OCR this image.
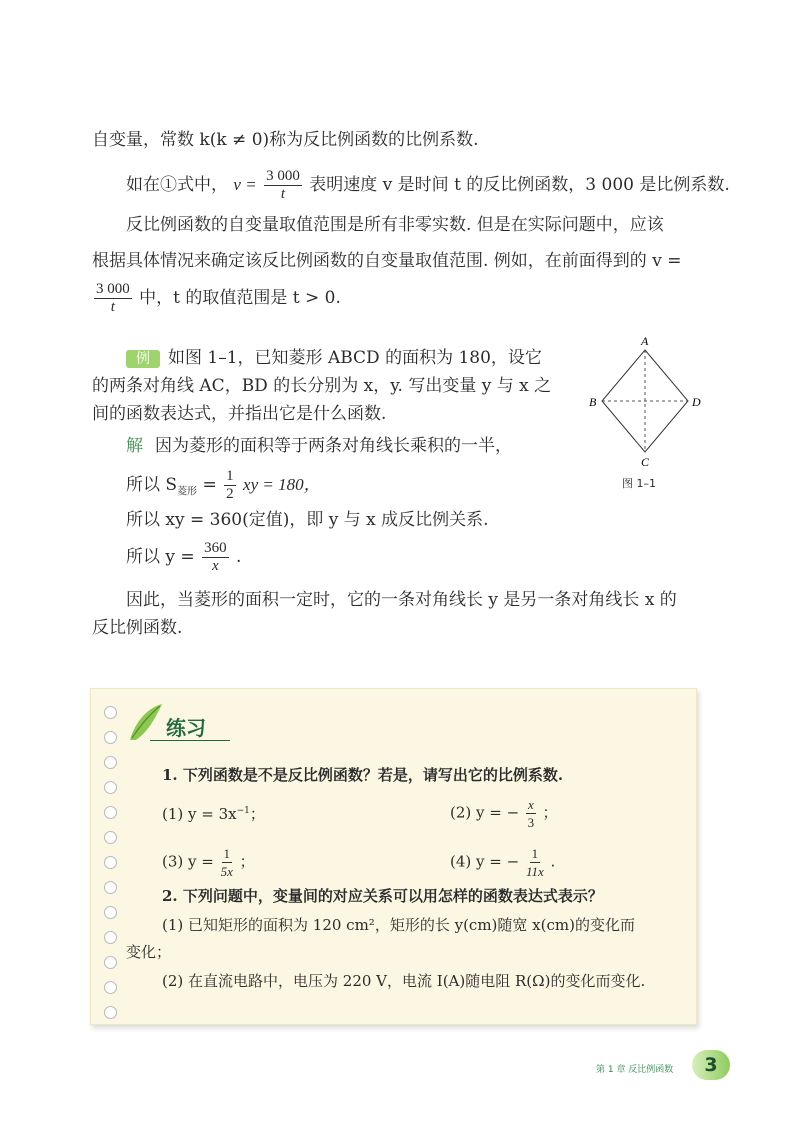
自变量，常数 k(k ≠ 0)称为反比例函数的比例系数.
如在①式中， $v = \frac{3 000}{t}$ 表明速度 v 是时间 t 的反比例函数，3 000 是比例系数.
反比例函数的自变量取值范围是所有非零实数. 但是在实际问题中，应该
根据具体情况来确定该反比例函数的自变量取值范围. 例如，在前面得到的 v =
$\frac{3 000}{t}$ 中，t 的取值范围是 t > 0.
例 如图 1–1，已知菱形 ABCD 的面积为 180，设它
的两条对角线 AC，BD 的长分别为 x，y. 写出变量 y 与 x 之
间的函数表达式，并指出它是什么函数.
解 因为菱形的面积等于两条对角线长乘积的一半，
所以 $S_{菱形} = \frac{1}{2}$ xy = 180，
所以 xy = 360(定值)，即 y 与 x 成反比例关系.
所以 $y = \frac{360}{x}$ .
因此，当菱形的面积一定时，它的一条对角线长 y 是另一条对角线长 x 的
反比例函数.
A
B
C
D
图 1–1
练习
1. 下列函数是不是反比例函数？若是，请写出它的比例系数.
(1) $y = 3x^{-1}$；	(2) y = − $\frac{x}{3}$ ；
(3) $y = \frac{1}{5x}$ ；	(4) y = − $\frac{1}{11x}$ .
2. 下列问题中，变量间的对应关系可以用怎样的函数表达式表示？
(1) 已知矩形的面积为 120 cm²，矩形的长 y(cm)随宽 x(cm)的变化而
变化；
(2) 在直流电路中，电压为 220 V，电流 I(A)随电阻 R(Ω)的变化而变化.
第 1 章 反比例函数	3
